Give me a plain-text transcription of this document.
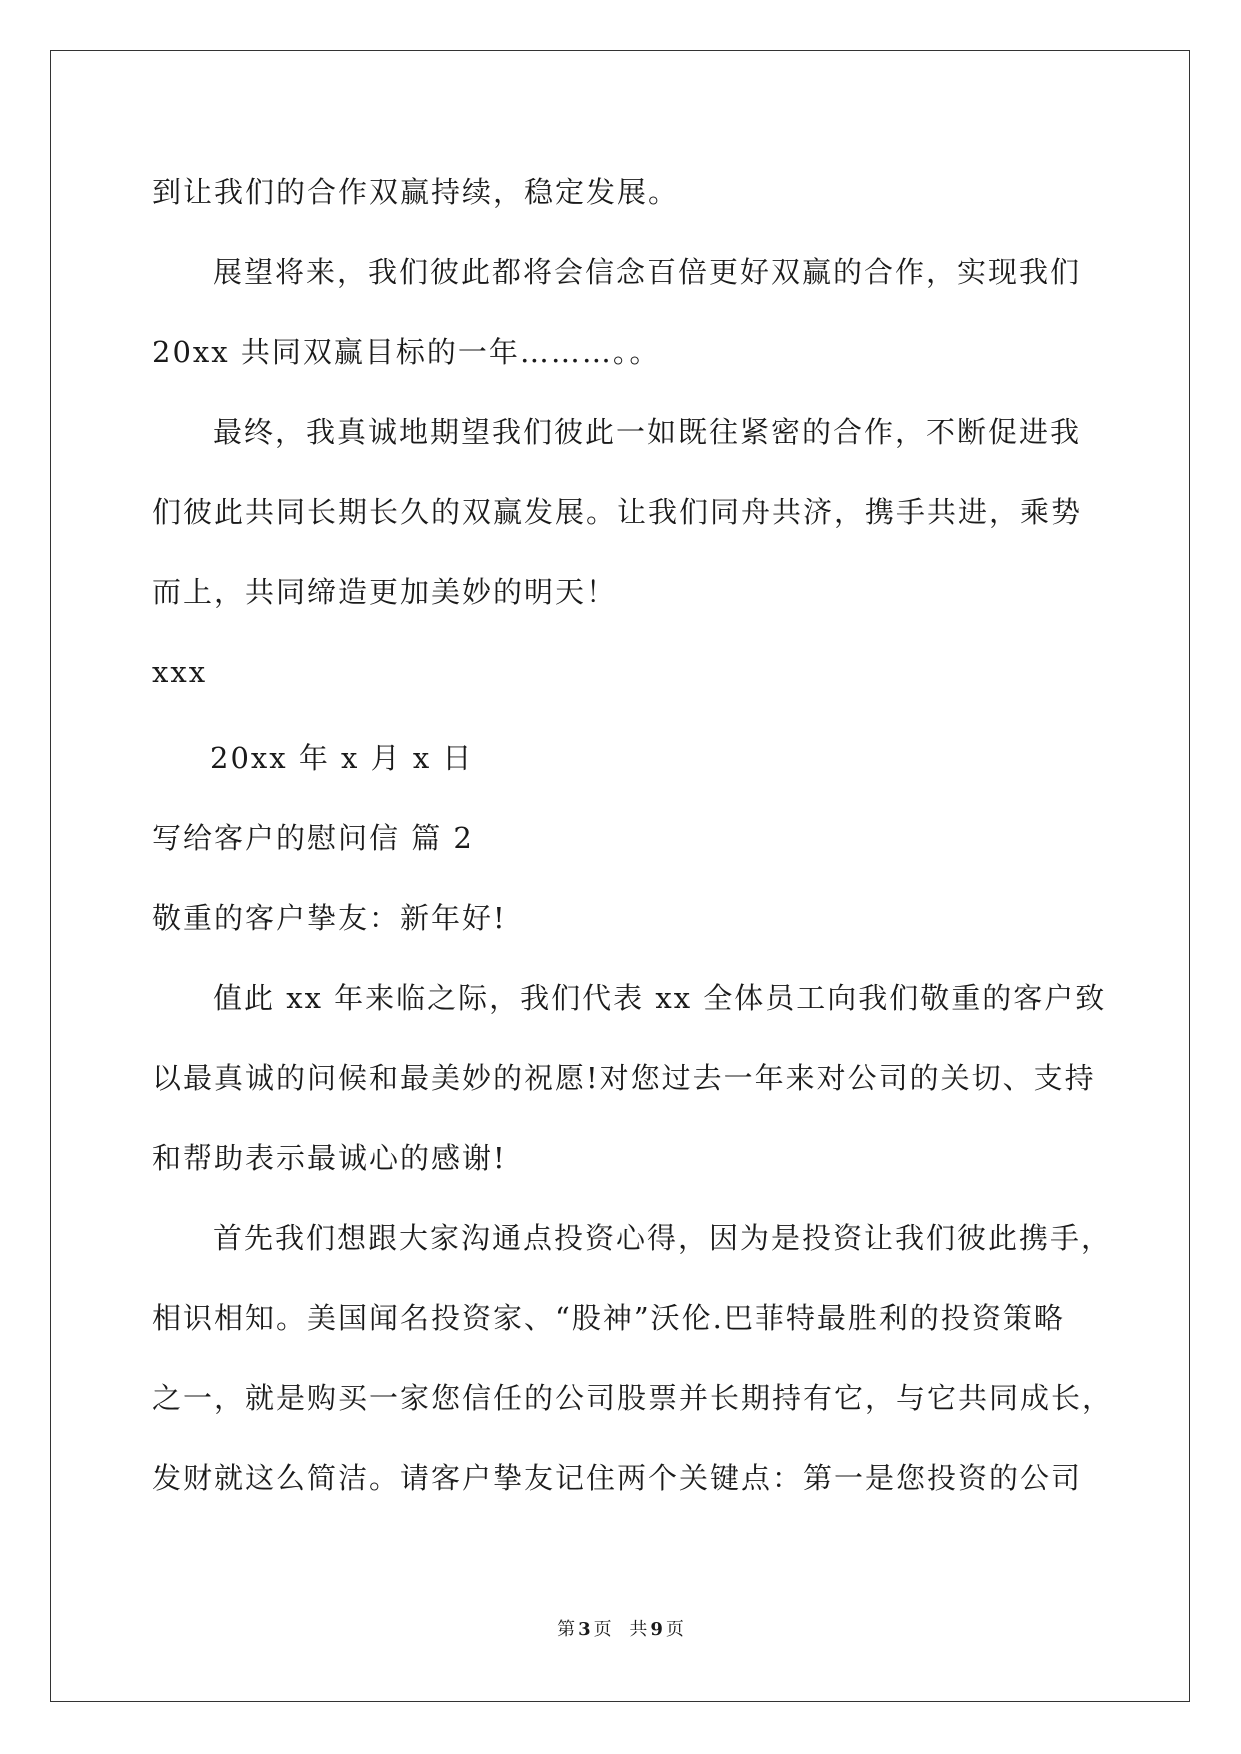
到让我们的合作双赢持续，稳定发展。
展望将来，我们彼此都将会信念百倍更好双赢的合作，实现我们
20xx 共同双赢目标的一年………。。
最终，我真诚地期望我们彼此一如既往紧密的合作，不断促进我
们彼此共同长期长久的双赢发展。让我们同舟共济，携手共进，乘势
而上，共同缔造更加美妙的明天！
xxx
20xx 年 x 月 x 日
写给客户的慰问信 篇 2
敬重的客户挚友：新年好!
值此 xx 年来临之际，我们代表 xx 全体员工向我们敬重的客户致
以最真诚的问候和最美妙的祝愿!对您过去一年来对公司的关切、支持
和帮助表示最诚心的感谢!
首先我们想跟大家沟通点投资心得，因为是投资让我们彼此携手，
相识相知。美国闻名投资家、“股神”沃伦.巴菲特最胜利的投资策略
之一，就是购买一家您信任的公司股票并长期持有它，与它共同成长，
发财就这么简洁。请客户挚友记住两个关键点：第一是您投资的公司
第 3 页 共 9 页
